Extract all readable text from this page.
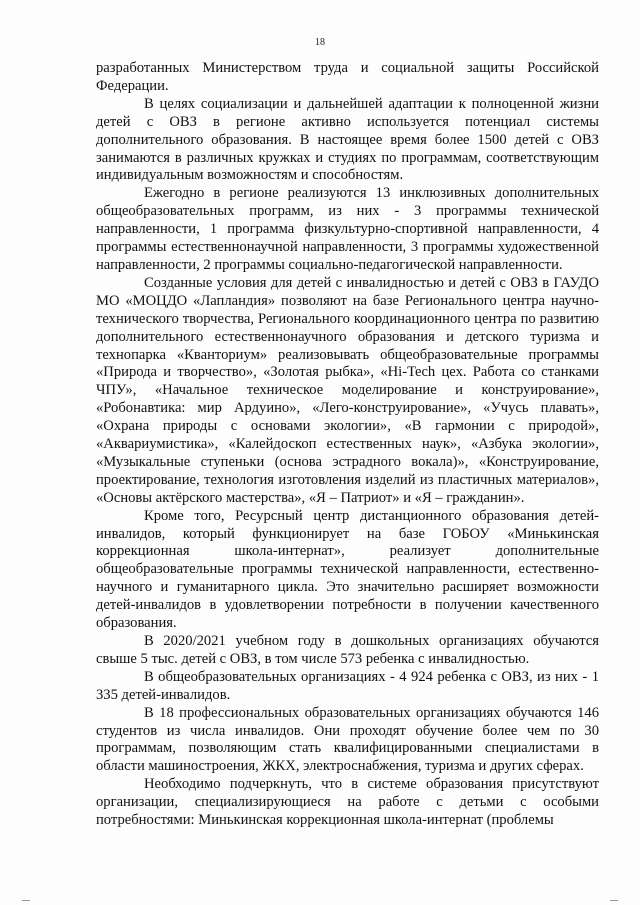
18

разработанных Министерством труда и социальной защиты Российской Федерации.

В целях социализации и дальнейшей адаптации к полноценной жизни детей с ОВЗ в регионе активно используется потенциал системы дополнительного образования. В настоящее время более 1500 детей с ОВЗ занимаются в различных кружках и студиях по программам, соответствующим индивидуальным возможностям и способностям.

Ежегодно в регионе реализуются 13 инклюзивных дополнительных общеобразовательных программ, из них - 3 программы технической направленности, 1 программа физкультурно-спортивной направленности, 4 программы естественнонаучной направленности, 3 программы художественной направленности, 2 программы социально-педагогической направленности.

Созданные условия для детей с инвалидностью и детей с ОВЗ в ГАУДО МО «МОЦДО «Лапландия» позволяют на базе Регионального центра научно-технического творчества, Регионального координационного центра по развитию дополнительного естественнонаучного образования и детского туризма и технопарка «Кванториум» реализовывать общеобразовательные программы «Природа и творчество», «Золотая рыбка», «Hi-Tech цех. Работа со станками ЧПУ», «Начальное техническое моделирование и конструирование», «Робонавтика: мир Ардуино», «Лего-конструирование», «Учусь плавать», «Охрана природы с основами экологии», «В гармонии с природой», «Аквариумистика», «Калейдоскоп естественных наук», «Азбука экологии», «Музыкальные ступеньки (основа эстрадного вокала)», «Конструирование, проектирование, технология изготовления изделий из пластичных материалов», «Основы актёрского мастерства», «Я – Патриот» и «Я – гражданин».

Кроме того, Ресурсный центр дистанционного образования детей-инвалидов, который функционирует на базе ГОБОУ «Минькинская коррекционная школа-интернат», реализует дополнительные общеобразовательные программы технической направленности, естественно-научного и гуманитарного цикла. Это значительно расширяет возможности детей-инвалидов в удовлетворении потребности в получении качественного образования.

В 2020/2021 учебном году в дошкольных организациях обучаются свыше 5 тыс. детей с ОВЗ, в том числе 573 ребенка с инвалидностью.

В общеобразовательных организациях - 4 924 ребенка с ОВЗ, из них - 1 335 детей-инвалидов.

В 18 профессиональных образовательных организациях обучаются 146 студентов из числа инвалидов. Они проходят обучение более чем по 30 программам, позволяющим стать квалифицированными специалистами в области машиностроения, ЖКХ, электроснабжения, туризма и других сферах.

Необходимо подчеркнуть, что в системе образования присутствуют организации, специализирующиеся на работе с детьми с особыми потребностями: Минькинская коррекционная школа-интернат (проблемы
